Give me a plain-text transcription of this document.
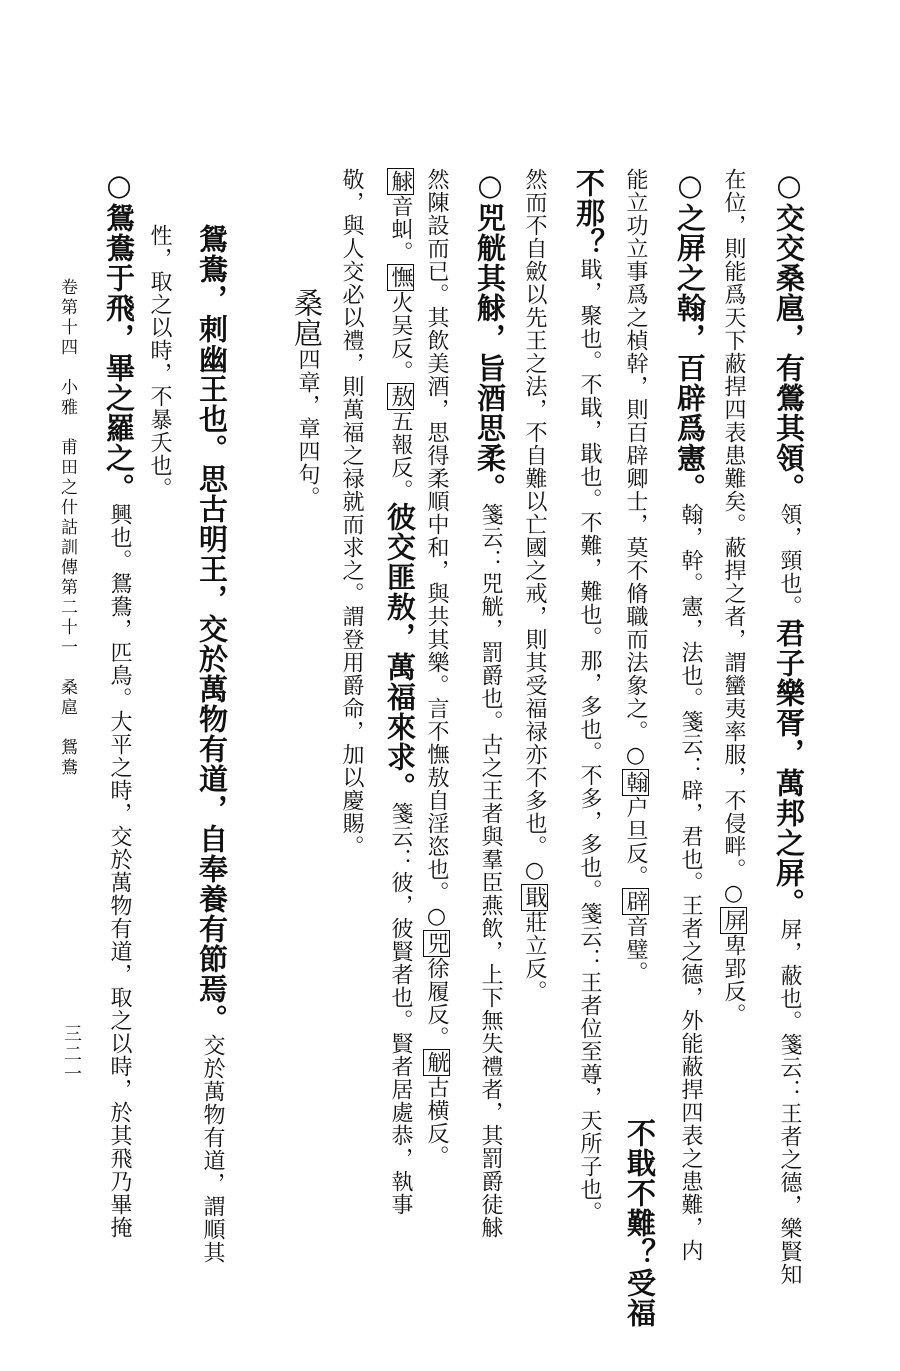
○交交桑扈，有鶯其領。領，頸也。君子樂胥，萬邦之屏。屏，蔽也。箋云：王者之德，樂賢知
在位，則能爲天下蔽捍四表患難矣。蔽捍之者，謂蠻夷率服，不侵畔。○屏卑郢反。
○之屏之翰，百辟爲憲。翰，幹。憲，法也。箋云：辟，君也。王者之德，外能蔽捍四表之患難，内
能立功立事爲之楨幹，則百辟卿士，莫不脩職而法象之。○翰户旦反。辟音璧。
不戢不難？受福
不那？戢，聚也。不戢，戢也。不難，難也。那，多也。不多，多也。箋云：王者位至尊，天所子也。
然而不自斂以先王之法，不自難以亡國之戒，則其受福禄亦不多也。○戢莊立反。
○兕觥其觩，旨酒思柔。箋云：兕觥，罰爵也。古之王者與羣臣燕飲，上下無失禮者，其罰爵徒觩
然陳設而已。其飲美酒，思得柔順中和，與共其樂。言不憮敖自淫恣也。○兕徐履反。觥古横反。
觩音虯。憮火吴反。敖五報反。彼交匪敖，萬福來求。箋云：彼，彼賢者也。賢者居處恭，執事
敬，與人交必以禮，則萬福之禄就而求之。謂登用爵命，加以慶賜。
鴛鴦，刺幽王也。思古明王，交於萬物有道，自奉養有節焉。交於萬物有道，謂順其
性，取之以時，不暴夭也。
○鴛鴦于飛，畢之羅之。興也。鴛鴦，匹鳥。大平之時，交於萬物有道，取之以時，於其飛乃畢掩
桑扈四章，章四句。
卷第十四　小雅　甫田之什詁訓傳第二十一　桑扈　鴛鴦
三二一
